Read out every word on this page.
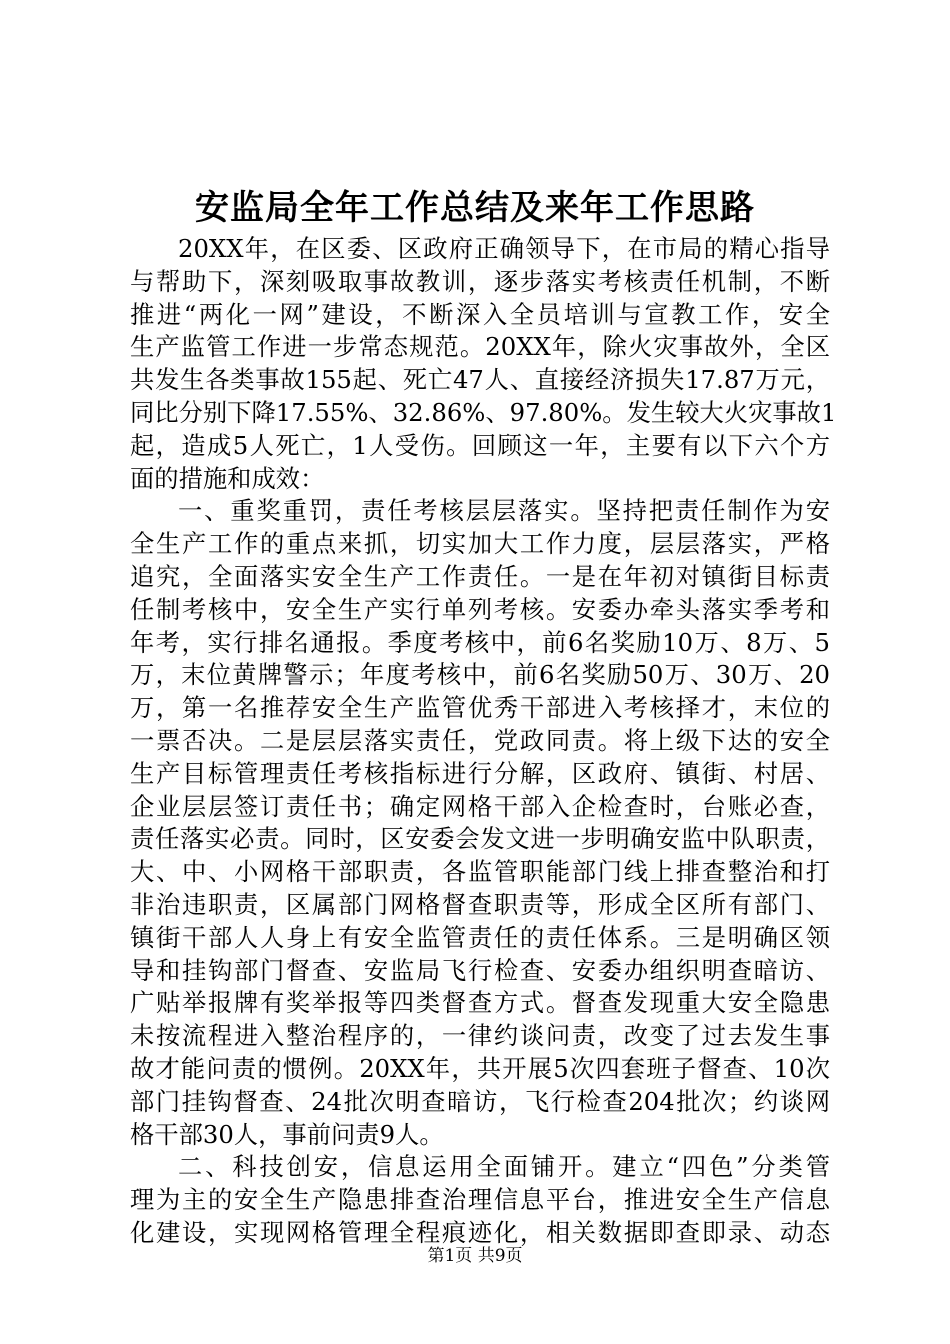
安监局全年工作总结及来年工作思路
20XX年，在区委、区政府正确领导下，在市局的精心指导
与帮助下，深刻吸取事故教训，逐步落实考核责任机制，不断
推进“两化一网”建设，不断深入全员培训与宣教工作，安全
生产监管工作进一步常态规范。20XX年，除火灾事故外，全区
共发生各类事故155起、死亡47人、直接经济损失17.87万元，
同比分别下降17.55%、32.86%、97.80%。发生较大火灾事故1
起，造成5人死亡，1人受伤。回顾这一年，主要有以下六个方
面的措施和成效：
一、重奖重罚，责任考核层层落实。坚持把责任制作为安
全生产工作的重点来抓，切实加大工作力度，层层落实，严格
追究，全面落实安全生产工作责任。一是在年初对镇街目标责
任制考核中，安全生产实行单列考核。安委办牵头落实季考和
年考，实行排名通报。季度考核中，前6名奖励10万、8万、5
万，末位黄牌警示；年度考核中，前6名奖励50万、30万、20
万，第一名推荐安全生产监管优秀干部进入考核择才，末位的
一票否决。二是层层落实责任，党政同责。将上级下达的安全
生产目标管理责任考核指标进行分解，区政府、镇街、村居、
企业层层签订责任书；确定网格干部入企检查时，台账必查，
责任落实必责。同时，区安委会发文进一步明确安监中队职责，
大、中、小网格干部职责，各监管职能部门线上排查整治和打
非治违职责，区属部门网格督查职责等，形成全区所有部门、
镇街干部人人身上有安全监管责任的责任体系。三是明确区领
导和挂钩部门督查、安监局飞行检查、安委办组织明查暗访、
广贴举报牌有奖举报等四类督查方式。督查发现重大安全隐患
未按流程进入整治程序的，一律约谈问责，改变了过去发生事
故才能问责的惯例。20XX年，共开展5次四套班子督查、10次
部门挂钩督查、24批次明查暗访，飞行检查204批次；约谈网
格干部30人，事前问责9人。
二、科技创安，信息运用全面铺开。建立“四色”分类管
理为主的安全生产隐患排查治理信息平台，推进安全生产信息
化建设，实现网格管理全程痕迹化，相关数据即查即录、动态
第1页 共9页
